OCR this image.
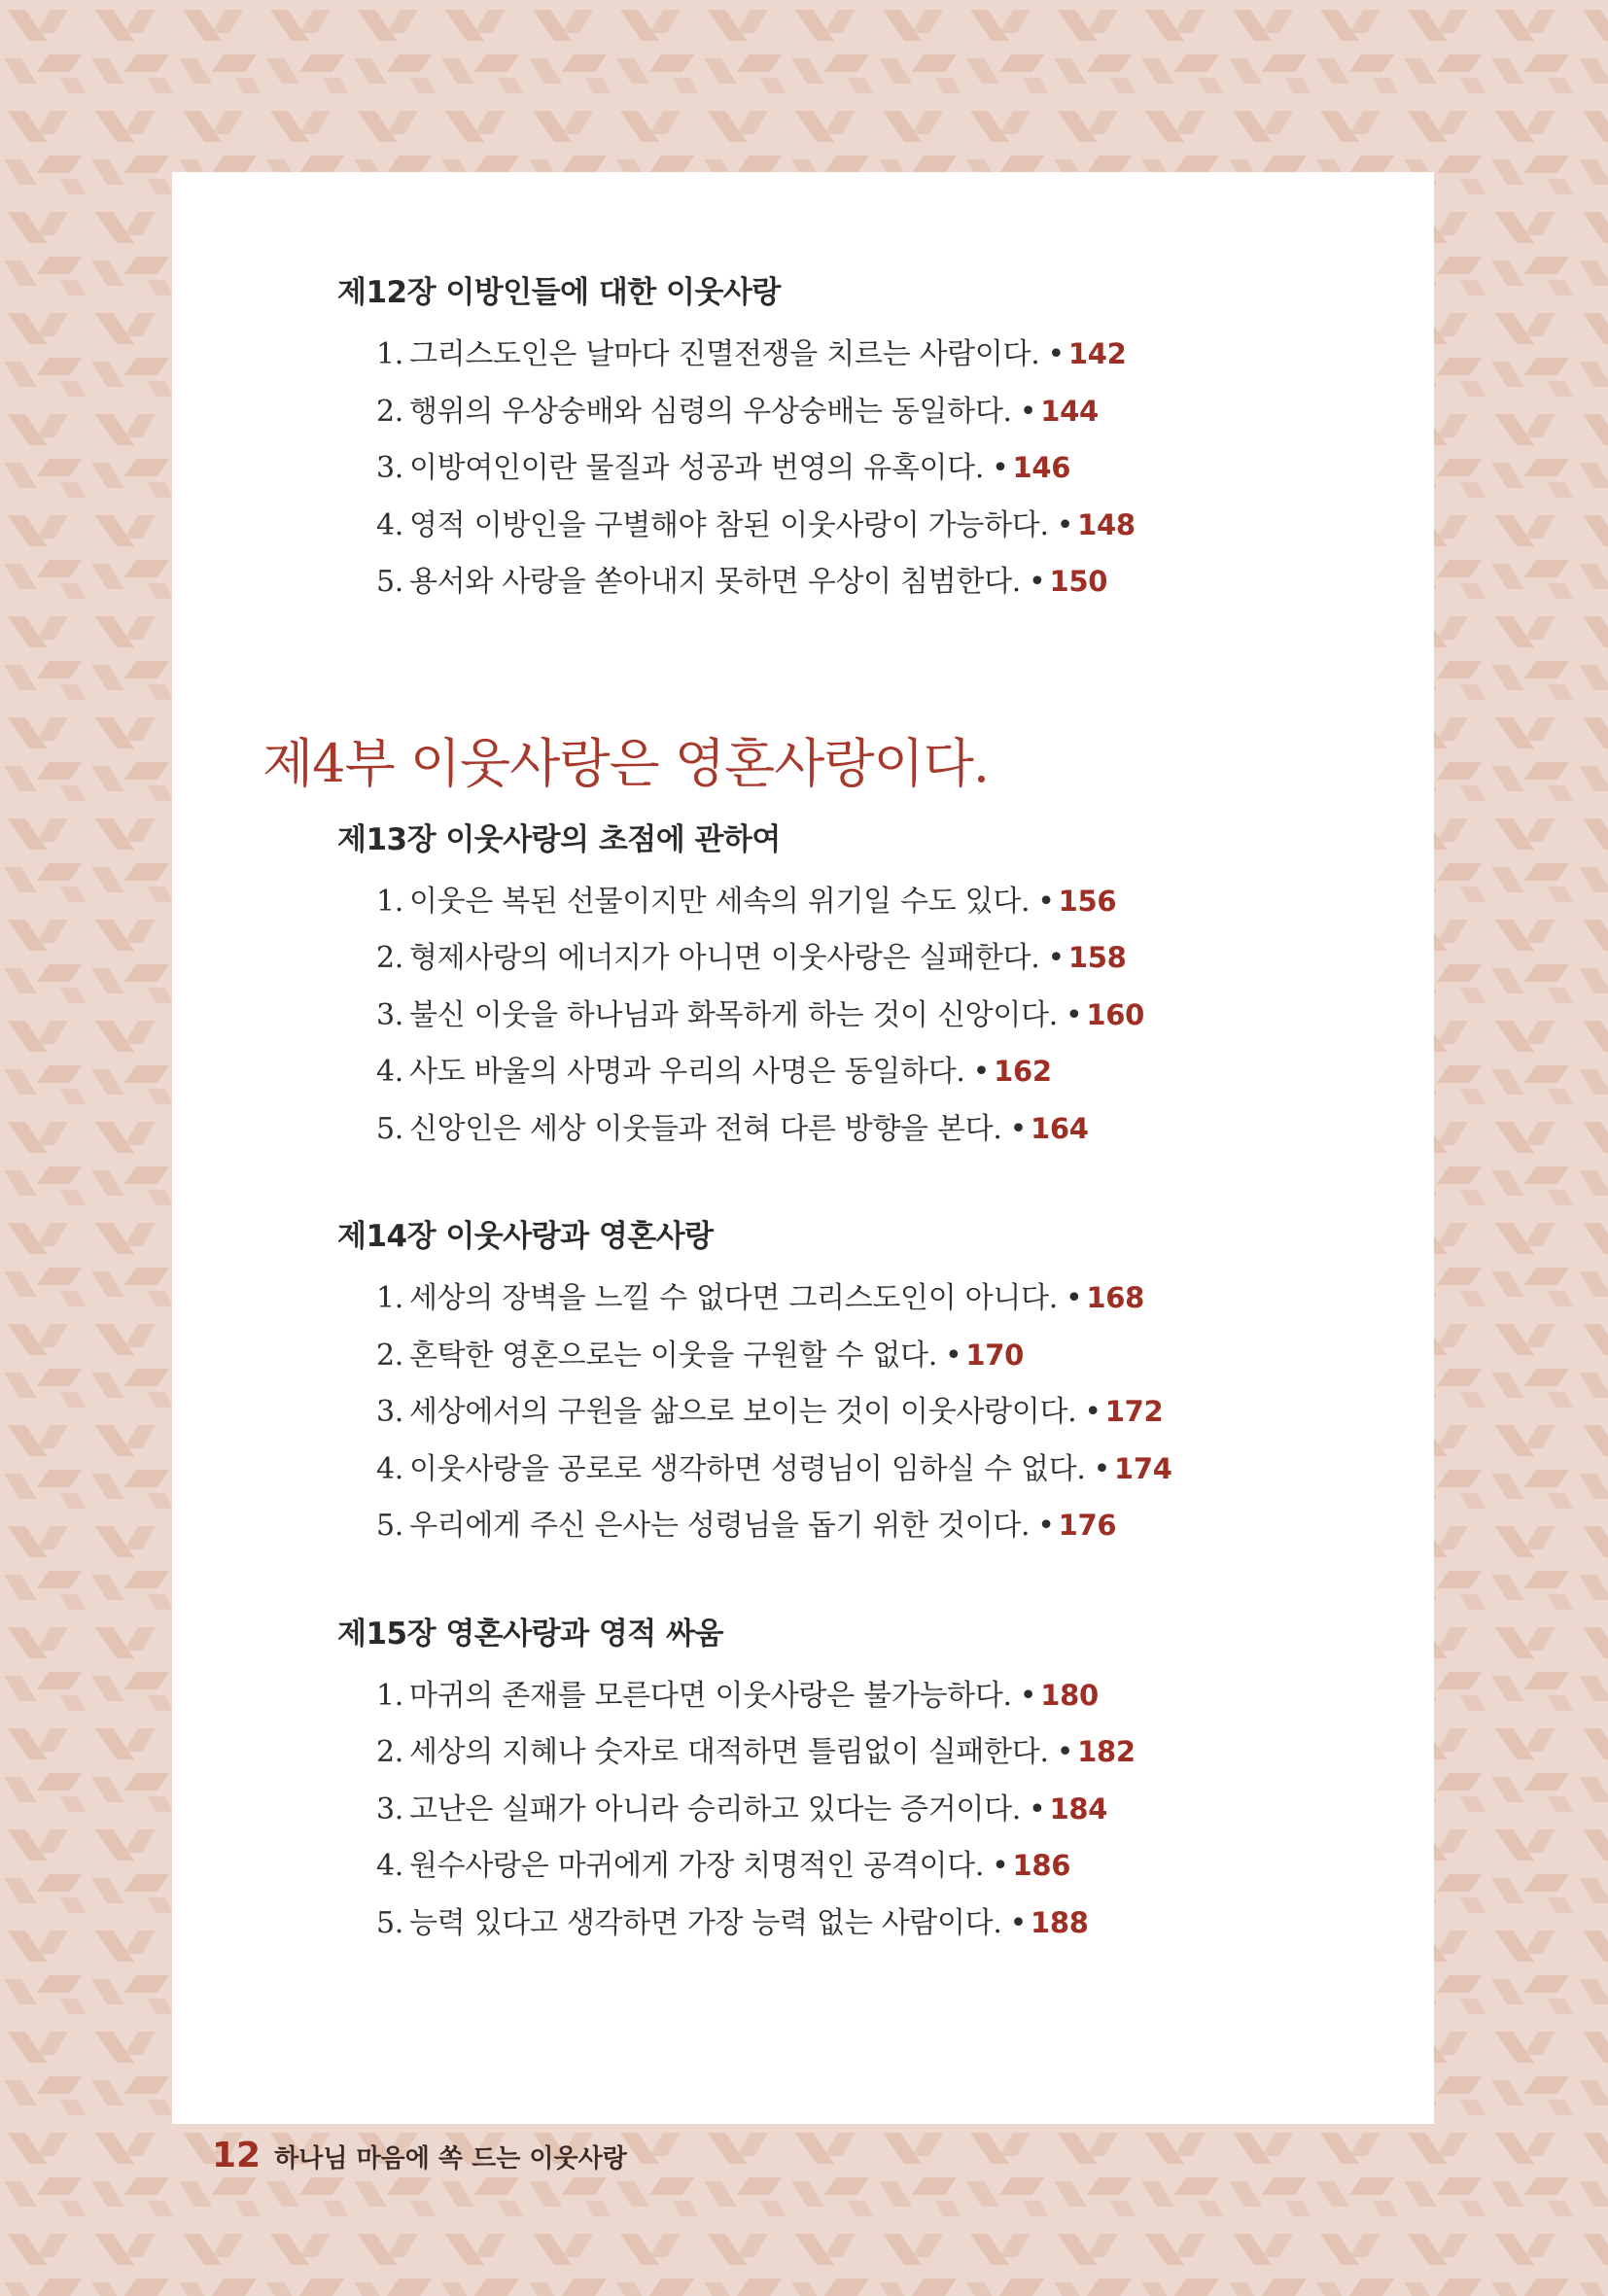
제12장 이방인들에 대한 이웃사랑
1. 그리스도인은 날마다 진멸전쟁을 치르는 사람이다. • 142
2. 행위의 우상숭배와 심령의 우상숭배는 동일하다. • 144
3. 이방여인이란 물질과 성공과 번영의 유혹이다. • 146
4. 영적 이방인을 구별해야 참된 이웃사랑이 가능하다. • 148
5. 용서와 사랑을 쏟아내지 못하면 우상이 침범한다. • 150
제4부 이웃사랑은 영혼사랑이다.
제13장 이웃사랑의 초점에 관하여
1. 이웃은 복된 선물이지만 세속의 위기일 수도 있다. • 156
2. 형제사랑의 에너지가 아니면 이웃사랑은 실패한다. • 158
3. 불신 이웃을 하나님과 화목하게 하는 것이 신앙이다. • 160
4. 사도 바울의 사명과 우리의 사명은 동일하다. • 162
5. 신앙인은 세상 이웃들과 전혀 다른 방향을 본다. • 164
제14장 이웃사랑과 영혼사랑
1. 세상의 장벽을 느낄 수 없다면 그리스도인이 아니다. • 168
2. 혼탁한 영혼으로는 이웃을 구원할 수 없다. • 170
3. 세상에서의 구원을 삶으로 보이는 것이 이웃사랑이다. • 172
4. 이웃사랑을 공로로 생각하면 성령님이 임하실 수 없다. • 174
5. 우리에게 주신 은사는 성령님을 돕기 위한 것이다. • 176
제15장 영혼사랑과 영적 싸움
1. 마귀의 존재를 모른다면 이웃사랑은 불가능하다. • 180
2. 세상의 지혜나 숫자로 대적하면 틀림없이 실패한다. • 182
3. 고난은 실패가 아니라 승리하고 있다는 증거이다. • 184
4. 원수사랑은 마귀에게 가장 치명적인 공격이다. • 186
5. 능력 있다고 생각하면 가장 능력 없는 사람이다. • 188
12 하나님 마음에 쏙 드는 이웃사랑
